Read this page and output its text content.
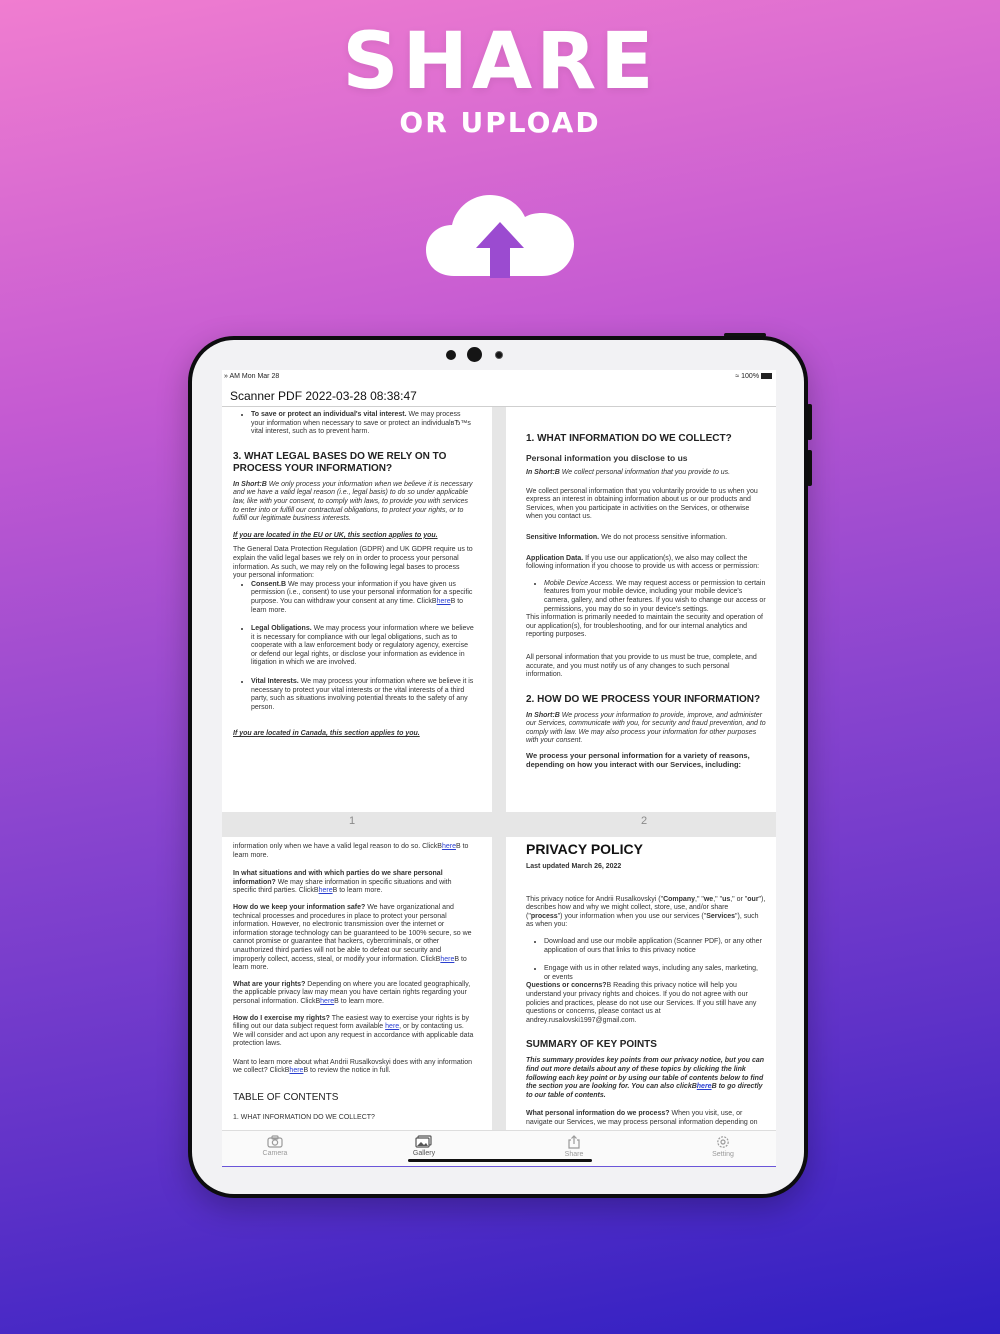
SHARE
OR UPLOAD
» AM Mon Mar 28	≈ 100%
Scanner PDF 2022-03-28 08:38:47
• To save or protect an individual's vital interest. We may process your information when necessary to save or protect an individualвЂ™s vital interest, such as to prevent harm.
3. WHAT LEGAL BASES DO WE RELY ON TO PROCESS YOUR INFORMATION?

In Short:В We only process your information when we believe it is necessary and we have a valid legal reason (i.e., legal basis) to do so under applicable law, like with your consent, to comply with laws, to provide you with services to enter into or fulfill our contractual obligations, to protect your rights, or to fulfill our legitimate business interests.

If you are located in the EU or UK, this section applies to you.

The General Data Protection Regulation (GDPR) and UK GDPR require us to explain the valid legal bases we rely on in order to process your personal information. As such, we may rely on the following legal bases to process your personal information:

• Consent.В We may process your information if you have given us permission (i.e., consent) to use your personal information for a specific purpose. You can withdraw your consent at any time. ClickВhereВ to learn more.
• Legal Obligations. We may process your information where we believe it is necessary for compliance with our legal obligations, such as to cooperate with a law enforcement body or regulatory agency, exercise or defend our legal rights, or disclose your information as evidence in litigation in which we are involved.
• Vital Interests. We may process your information where we believe it is necessary to protect your vital interests or the vital interests of a third party, such as situations involving potential threats to the safety of any person.

If you are located in Canada, this section applies to you.

1
1. WHAT INFORMATION DO WE COLLECT?

Personal information you disclose to us

In Short:В We collect personal information that you provide to us.

We collect personal information that you voluntarily provide to us when you express an interest in obtaining information about us or our products and Services, when you participate in activities on the Services, or otherwise when you contact us.

Sensitive Information. We do not process sensitive information.

Application Data. If you use our application(s), we also may collect the following information if you choose to provide us with access or permission:

• Mobile Device Access. We may request access or permission to certain features from your mobile device, including your mobile device's camera, gallery, and other features. If you wish to change our access or permissions, you may do so in your device's settings.

This information is primarily needed to maintain the security and operation of our application(s), for troubleshooting, and for our internal analytics and reporting purposes.

All personal information that you provide to us must be true, complete, and accurate, and you must notify us of any changes to such personal information.

2. HOW DO WE PROCESS YOUR INFORMATION?

In Short:В We process your information to provide, improve, and administer our Services, communicate with you, for security and fraud prevention, and to comply with law. We may also process your information for other purposes with your consent.

We process your personal information for a variety of reasons, depending on how you interact with our Services, including:

2

information only when we have a valid legal reason to do so. ClickВhereВ to learn more.

In what situations and with which parties do we share personal information? We may share information in specific situations and with specific third parties. ClickВhereВ to learn more.

How do we keep your information safe? We have organizational and technical processes and procedures in place to protect your personal information. However, no electronic transmission over the internet or information storage technology can be guaranteed to be 100% secure, so we cannot promise or guarantee that hackers, cybercriminals, or other unauthorized third parties will not be able to defeat our security and improperly collect, access, steal, or modify your information. ClickВhereВ to learn more.

What are your rights? Depending on where you are located geographically, the applicable privacy law may mean you have certain rights regarding your personal information. ClickВhereВ to learn more.

How do I exercise my rights? The easiest way to exercise your rights is by filling out our data subject request form available here, or by contacting us. We will consider and act upon any request in accordance with applicable data protection laws.

Want to learn more about what Andrii Rusalkovskyi does with any information we collect? ClickВhereВ to review the notice in full.

TABLE OF CONTENTS

1. WHAT INFORMATION DO WE COLLECT?

PRIVACY POLICY

Last updated March 26, 2022

This privacy notice for Andrii Rusalkovskyi ("Company," "we," "us," or "our"), describes how and why we might collect, store, use, and/or share ("process") your information when you use our services ("Services"), such as when you:

• Download and use our mobile application (Scanner PDF), or any other application of ours that links to this privacy notice
• Engage with us in other related ways, including any sales, marketing, or events

Questions or concerns?В Reading this privacy notice will help you understand your privacy rights and choices. If you do not agree with our policies and practices, please do not use our Services. If you still have any questions or concerns, please contact us at andrey.rusalovski1997@gmail.com.

SUMMARY OF KEY POINTS

This summary provides key points from our privacy notice, but you can find out more details about any of these topics by clicking the link following each key point or by using our table of contents below to find the section you are looking for. You can also clickВhereВ to go directly to our table of contents.

What personal information do we process? When you visit, use, or navigate our Services, we may process personal information depending on

Camera	Gallery	Share	Setting
